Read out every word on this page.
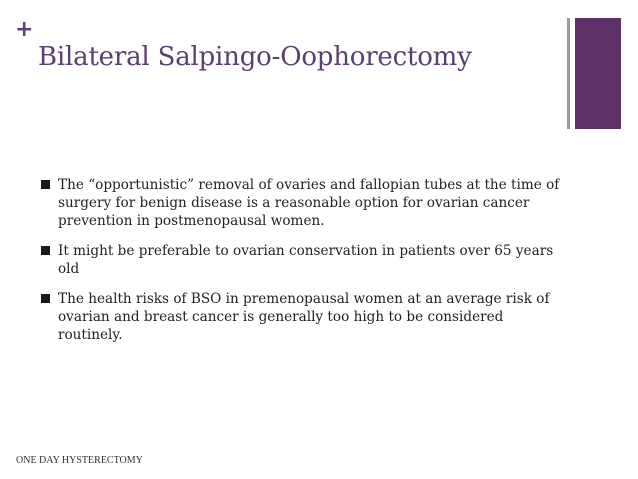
+
Bilateral Salpingo-Oophorectomy
The “opportunistic” removal of ovaries and fallopian tubes at the time of surgery for benign disease is a reasonable option for ovarian cancer prevention in postmenopausal women.
It might be preferable to ovarian conservation in patients over 65 years old
The health risks of BSO in premenopausal women at an average risk of ovarian and breast cancer is generally too high to be considered routinely.
ONE DAY HYSTERECTOMY
